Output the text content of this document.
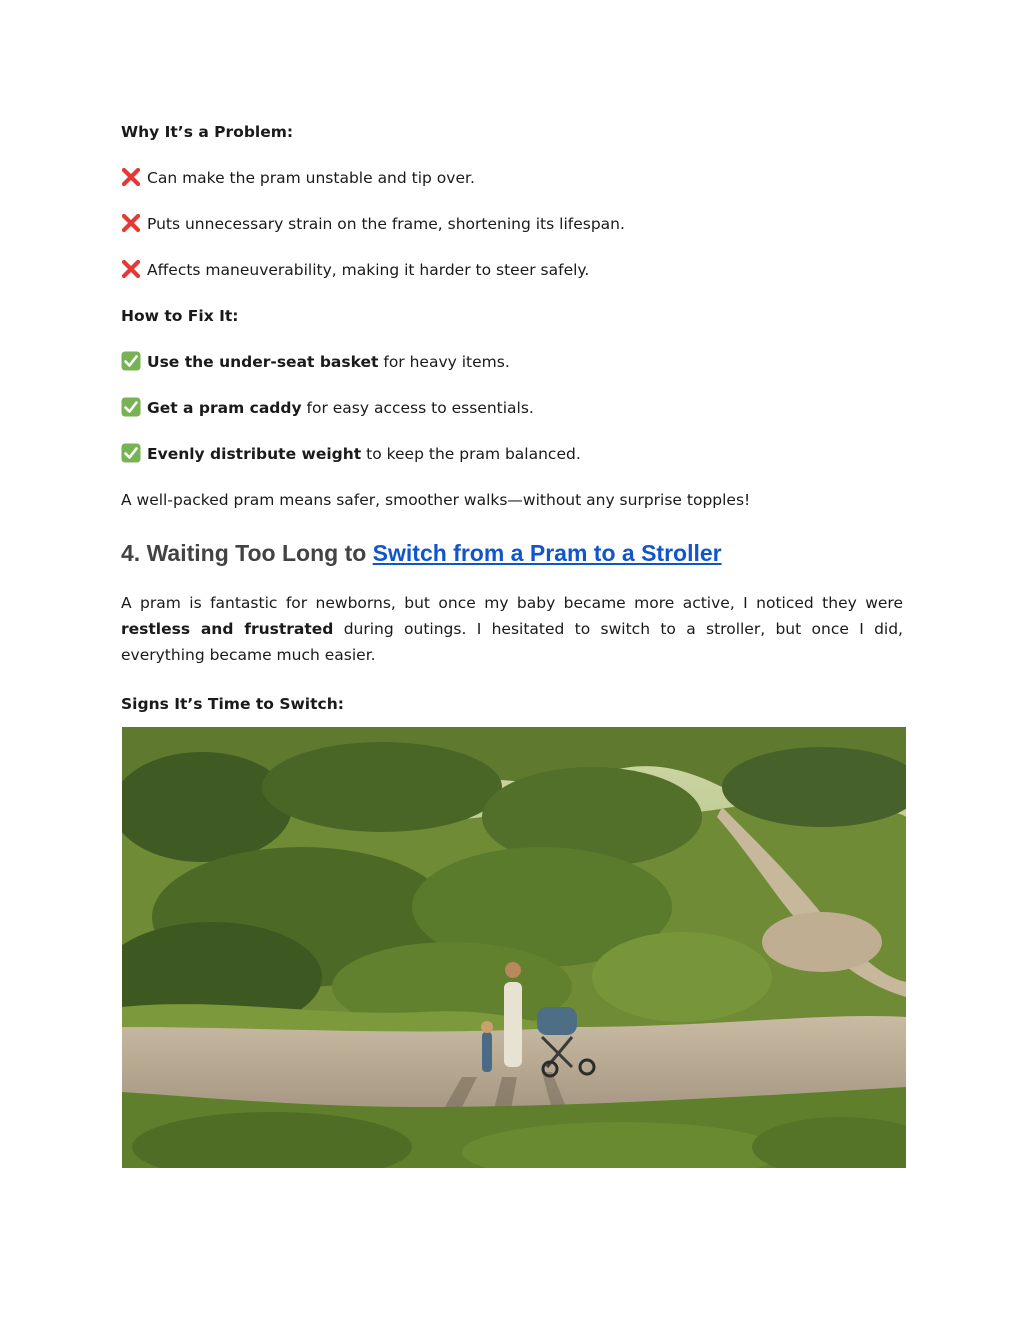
Why It’s a Problem:

Can make the pram unstable and tip over.

Puts unnecessary strain on the frame, shortening its lifespan.

Affects maneuverability, making it harder to steer safely.

How to Fix It:

Use the under-seat basket for heavy items.

Get a pram caddy for easy access to essentials.

Evenly distribute weight to keep the pram balanced.

A well-packed pram means safer, smoother walks—without any surprise topples!

4. Waiting Too Long to Switch from a Pram to a Stroller

A pram is fantastic for newborns, but once my baby became more active, I noticed they were restless and frustrated during outings. I hesitated to switch to a stroller, but once I did, everything became much easier.

Signs It’s Time to Switch:
